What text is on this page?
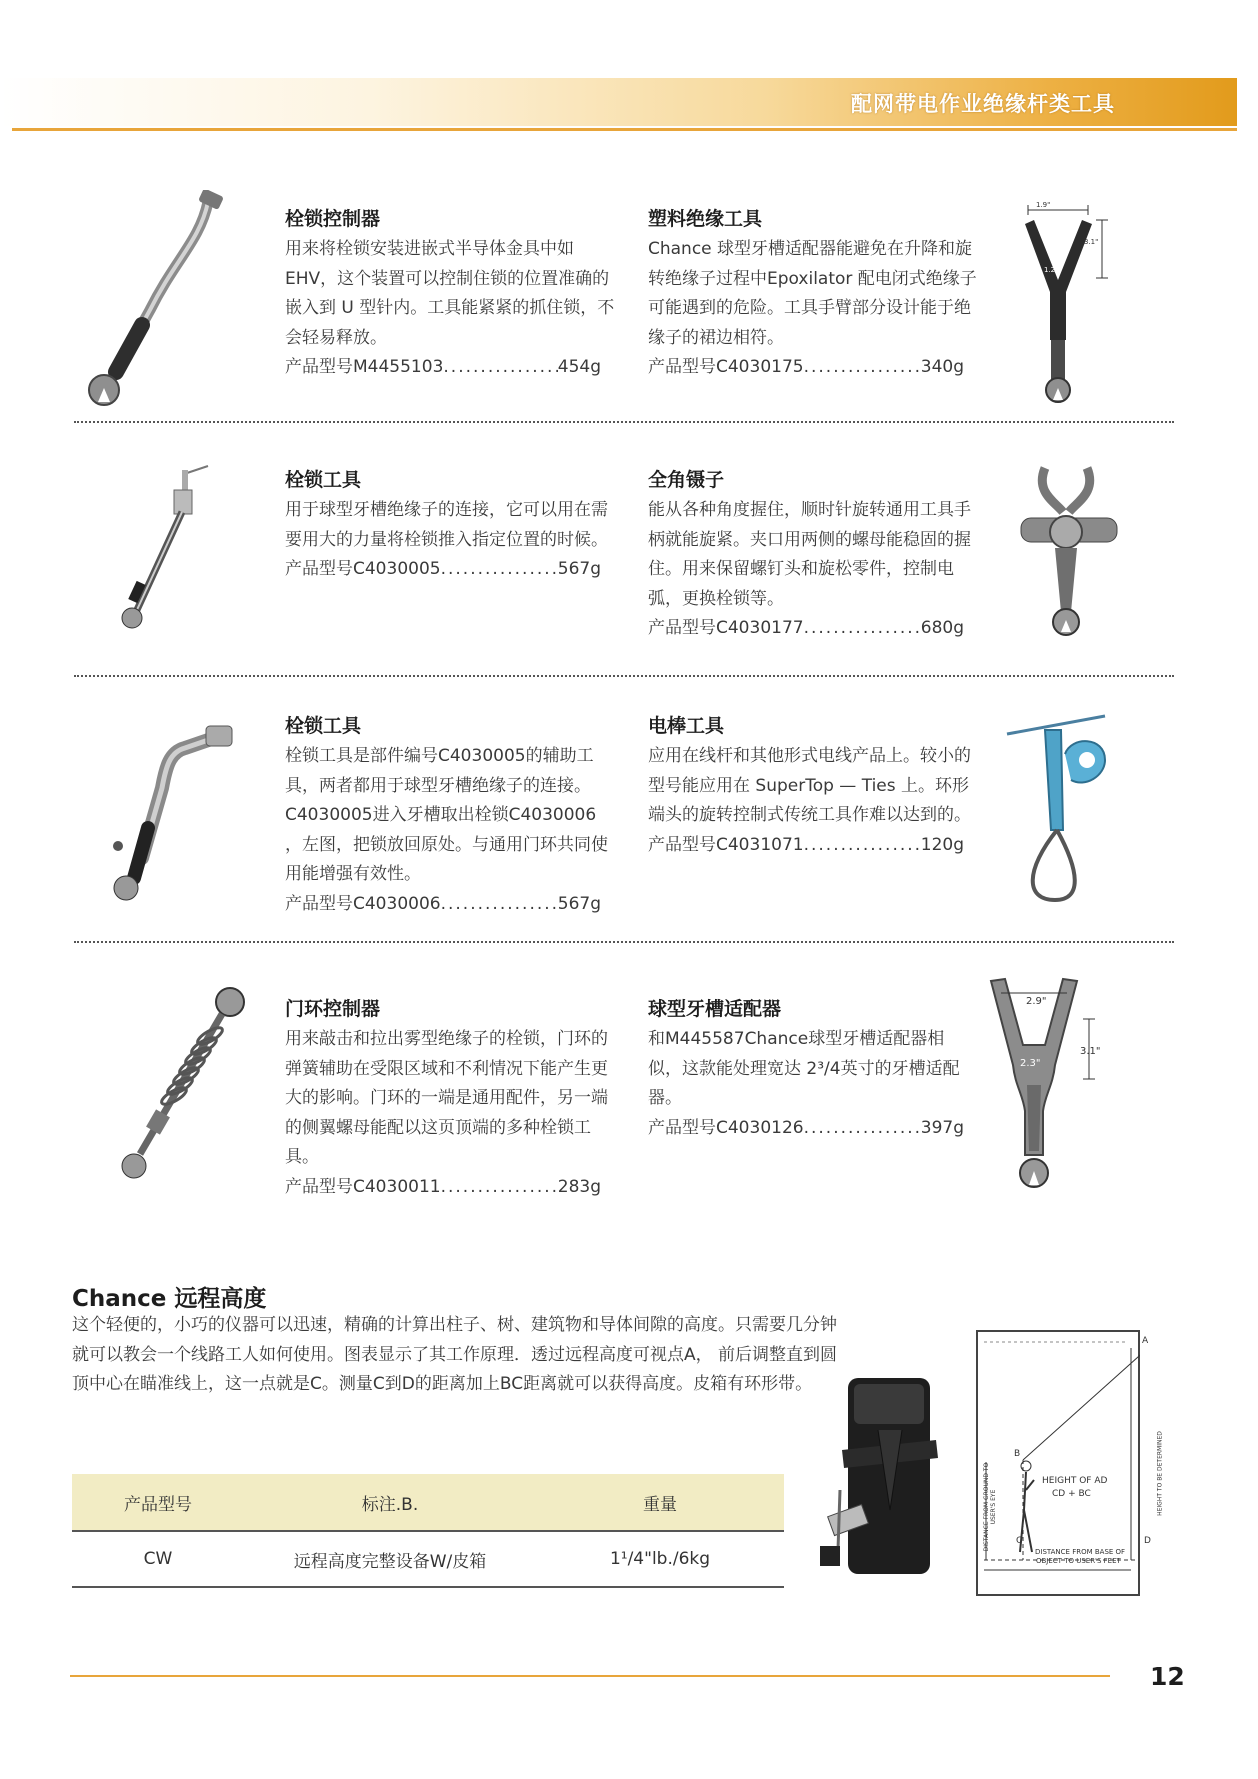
配网带电作业绝缘杆类工具
1.9"
3.1"
1.25"
栓锁控制器
用来将栓锁安装进嵌式半导体金具中如EHV，这个装置可以控制住锁的位置准确的嵌入到 U 型针内。工具能紧紧的抓住锁，不会轻易释放。
产品型号M4455103 .....	454g
塑料绝缘工具
Chance 球型牙槽适配器能避免在升降和旋转绝缘子过程中Epoxilator 配电闭式绝缘子可能遇到的危险。工具手臂部分设计能于绝缘子的裙边相符。
产品型号C4030175 .....	340g
栓锁工具
用于球型牙槽绝缘子的连接，它可以用在需要用大的力量将栓锁推入指定位置的时候。
产品型号C4030005 .....	567g
全角镊子
能从各种角度握住，顺时针旋转通用工具手柄就能旋紧。夹口用两侧的螺母能稳固的握住。用来保留螺钉头和旋松零件，控制电弧，更换栓锁等。
产品型号C4030177 .....	680g
栓锁工具
栓锁工具是部件编号C4030005的辅助工具，两者都用于球型牙槽绝缘子的连接。 C4030005进入牙槽取出栓锁C4030006 ，左图，把锁放回原处。与通用门环共同使用能增强有效性。
产品型号C4030006 .....	567g
电棒工具
应用在线杆和其他形式电线产品上。较小的型号能应用在 SuperTop — Ties 上。环形端头的旋转控制式传统工具作难以达到的。
产品型号C4031071 .....	120g
2.9"
3.1"
2.3"
门环控制器
用来敲击和拉出雾型绝缘子的栓锁，门环的弹簧辅助在受限区域和不利情况下能产生更大的影响。门环的一端是通用配件，另一端的侧翼螺母能配以这页顶端的多种栓锁工具。
产品型号C4030011 .....	283g
球型牙槽适配器
和M445587Chance球型牙槽适配器相似，这款能处理宽达 2³/4英寸的牙槽适配器。
产品型号C4030126 .....	397g
Chance 远程高度
这个轻便的，小巧的仪器可以迅速，精确的计算出柱子、树、建筑物和导体间隙的高度。只需要几分钟就可以教会一个线路工人如何使用。图表显示了其工作原理．透过远程高度可视点A， 前后调整直到圆顶中心在瞄准线上，这一点就是C。测量C到D的距离加上BC距离就可以获得高度。皮箱有环形带。
产品型号	标注.B.	重量
CW	远程高度完整设备W/皮箱	1¹/4"lb./6kg
A
B
C	D
HEIGHT OF AD
CD + BC
DISTANCE FROM GROUND TO USER'S EYE	HEIGHT TO BE DETERMINED
DISTANCE FROM BASE OF
OBJECT TO USER'S FEET
12
